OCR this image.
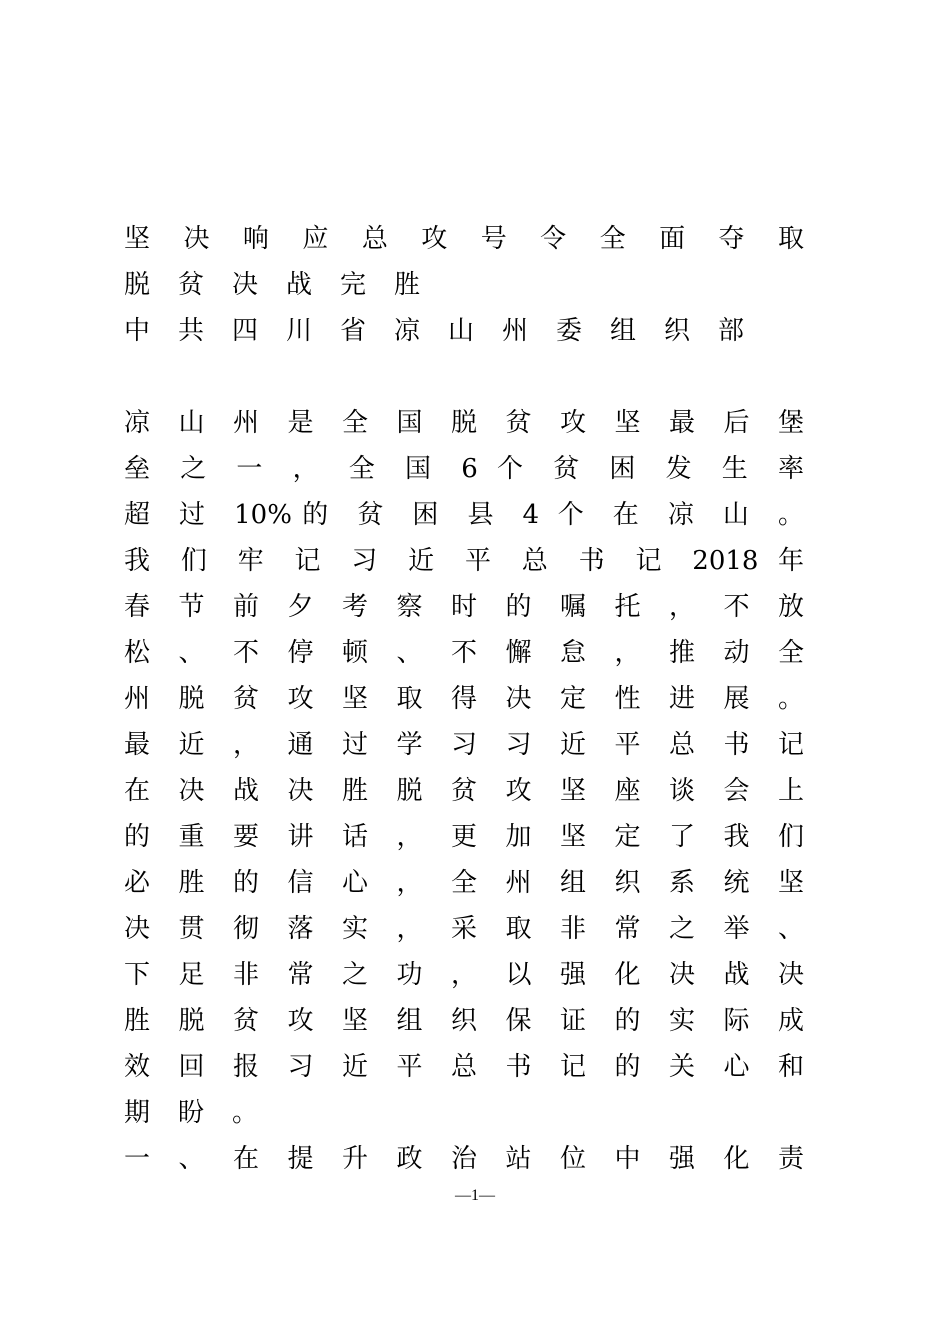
坚 决 响 应 总 攻 号 令 全 面 夺 取
脱贫决战完胜
中共四川省凉山州委组织部
凉 山 州 是 全 国 脱 贫 攻 坚 最 后 堡
垒 之 一 ， 全 国 6 个 贫 困 发 生 率
超 过 10%的 贫 困 县 4 个 在 凉 山 。
我 们 牢 记 习 近 平 总 书 记 2018 年
春 节 前 夕 考 察 时 的 嘱 托 ， 不 放
松 、 不 停 顿 、 不 懈 怠 ， 推 动 全
州 脱 贫 攻 坚 取 得 决 定 性 进 展 。
最 近 ， 通 过 学 习 习 近 平 总 书 记
在 决 战 决 胜 脱 贫 攻 坚 座 谈 会 上
的 重 要 讲 话 ， 更 加 坚 定 了 我 们
必 胜 的 信 心 ， 全 州 组 织 系 统 坚
决 贯 彻 落 实 ， 采 取 非 常 之 举 、
下 足 非 常 之 功 ， 以 强 化 决 战 决
胜 脱 贫 攻 坚 组 织 保 证 的 实 际 成
效 回 报 习 近 平 总 书 记 的 关 心 和
期盼。
一 、 在 提 升 政 治 站 位 中 强 化 责
—1—
